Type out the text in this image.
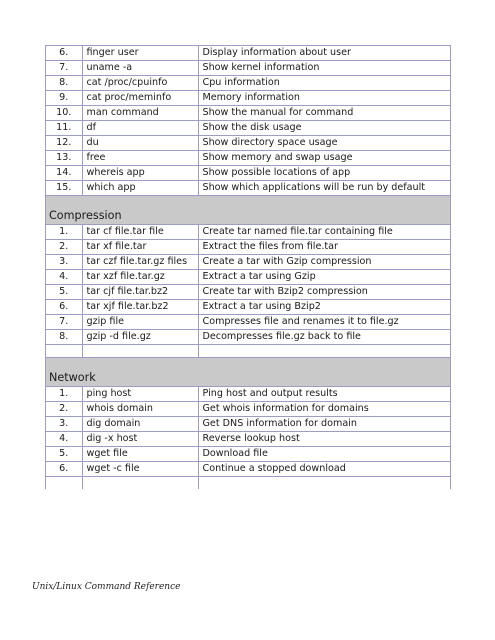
6.	finger user	Display information about user
7.	uname -a	Show kernel information
8.	cat /proc/cpuinfo	Cpu information
9.	cat proc/meminfo	Memory information
10.	man command	Show the manual for command
11.	df	Show the disk usage
12.	du	Show directory space usage
13.	free	Show memory and swap usage
14.	whereis app	Show possible locations of app
15.	which app	Show which applications will be run by default
Compression		
1.	tar cf file.tar file	Create tar named file.tar containing file
2.	tar xf file.tar	Extract the files from file.tar
3.	tar czf file.tar.gz files	Create a tar with Gzip compression
4.	tar xzf file.tar.gz	Extract a tar using Gzip
5.	tar cjf file.tar.bz2	Create tar with Bzip2 compression
6.	tar xjf file.tar.bz2	Extract a tar using Bzip2
7.	gzip file	Compresses file and renames it to file.gz
8.	gzip -d file.gz	Decompresses file.gz back to file

Network		
1.	ping host	Ping host and output results
2.	whois domain	Get whois information for domains
3.	dig domain	Get DNS information for domain
4.	dig -x host	Reverse lookup host
5.	wget file	Download file
6.	wget -c file	Continue a stopped download

Unix/Linux Command Reference
